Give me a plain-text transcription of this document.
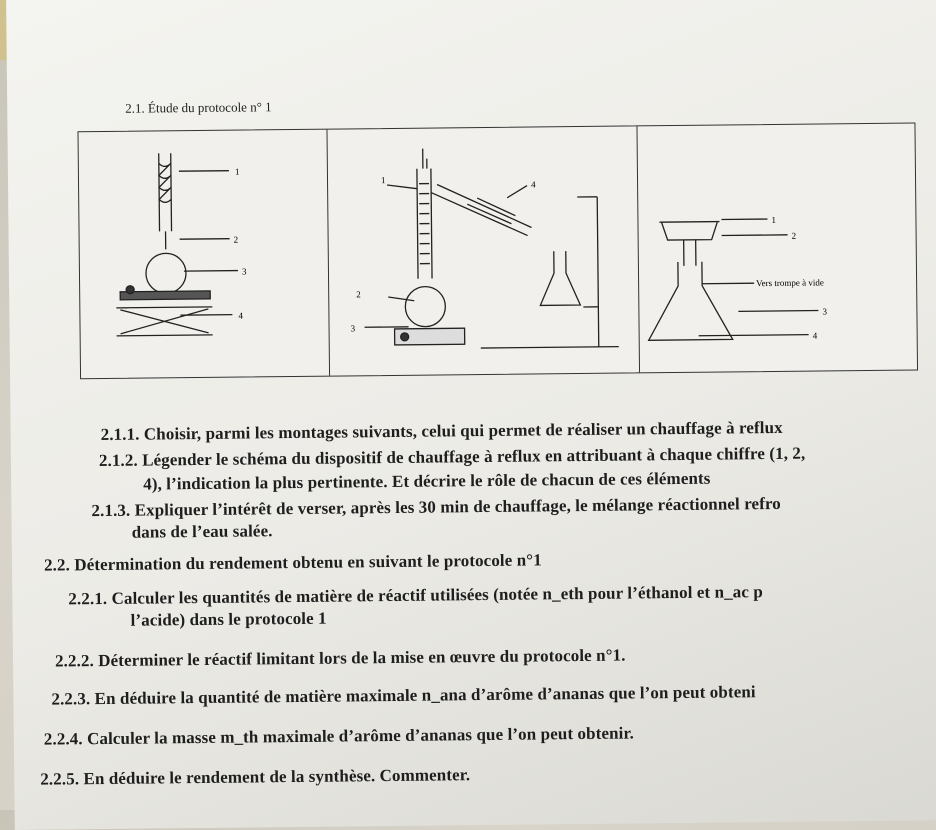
2.1. Étude du protocole n° 1
1
2
3
4
1	4
2
3
1
2
Vers trompe à vide
3
4
2.1.1. Choisir, parmi les montages suivants, celui qui permet de réaliser un chauffage à reflux
2.1.2. Légender le schéma du dispositif de chauffage à reflux en attribuant à chaque chiffre (1, 2,
4), l’indication la plus pertinente. Et décrire le rôle de chacun de ces éléments
2.1.3. Expliquer l’intérêt de verser, après les 30 min de chauffage, le mélange réactionnel refro
dans de l’eau salée.
2.2. Détermination du rendement obtenu en suivant le protocole n°1
2.2.1. Calculer les quantités de matière de réactif utilisées (notée n_eth pour l’éthanol et n_ac p
l’acide) dans le protocole 1
2.2.2. Déterminer le réactif limitant lors de la mise en œuvre du protocole n°1.
2.2.3. En déduire la quantité de matière maximale n_ana d’arôme d’ananas que l’on peut obteni
2.2.4. Calculer la masse m_th maximale d’arôme d’ananas que l’on peut obtenir.
2.2.5. En déduire le rendement de la synthèse. Commenter.
